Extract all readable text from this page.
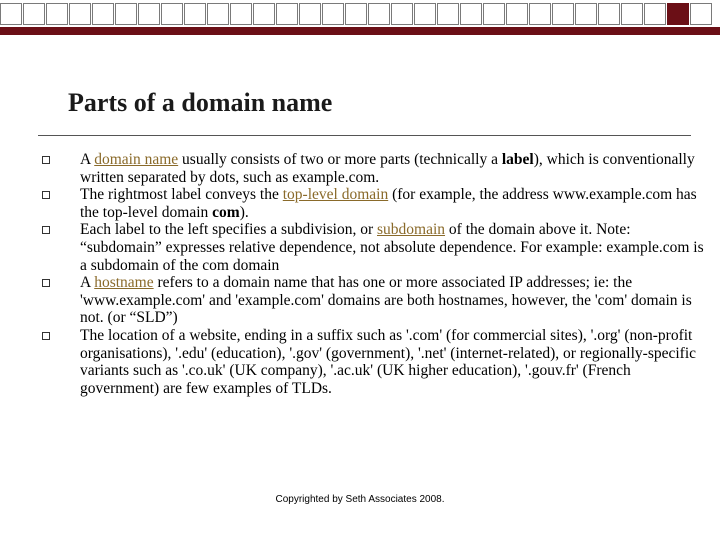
Parts of a domain name
A domain name usually consists of two or more parts (technically a label), which is conventionally written separated by dots, such as example.com.
The rightmost label conveys the top-level domain (for example, the address www.example.com has the top-level domain com).
Each label to the left specifies a subdivision, or subdomain of the domain above it. Note: “subdomain” expresses relative dependence, not absolute dependence. For example: example.com is a subdomain of the com domain
A hostname refers to a domain name that has one or more associated IP addresses; ie: the 'www.example.com' and 'example.com' domains are both hostnames, however, the 'com' domain is not. (or “SLD”)
The location of a website, ending in a suffix such as '.com' (for commercial sites), '.org' (non-profit organisations), '.edu' (education), '.gov' (government), '.net' (internet-related), or regionally-specific variants such as '.co.uk' (UK company), '.ac.uk' (UK higher education), '.gouv.fr' (French government) are few examples of TLDs.
Copyrighted by Seth Associates 2008.
